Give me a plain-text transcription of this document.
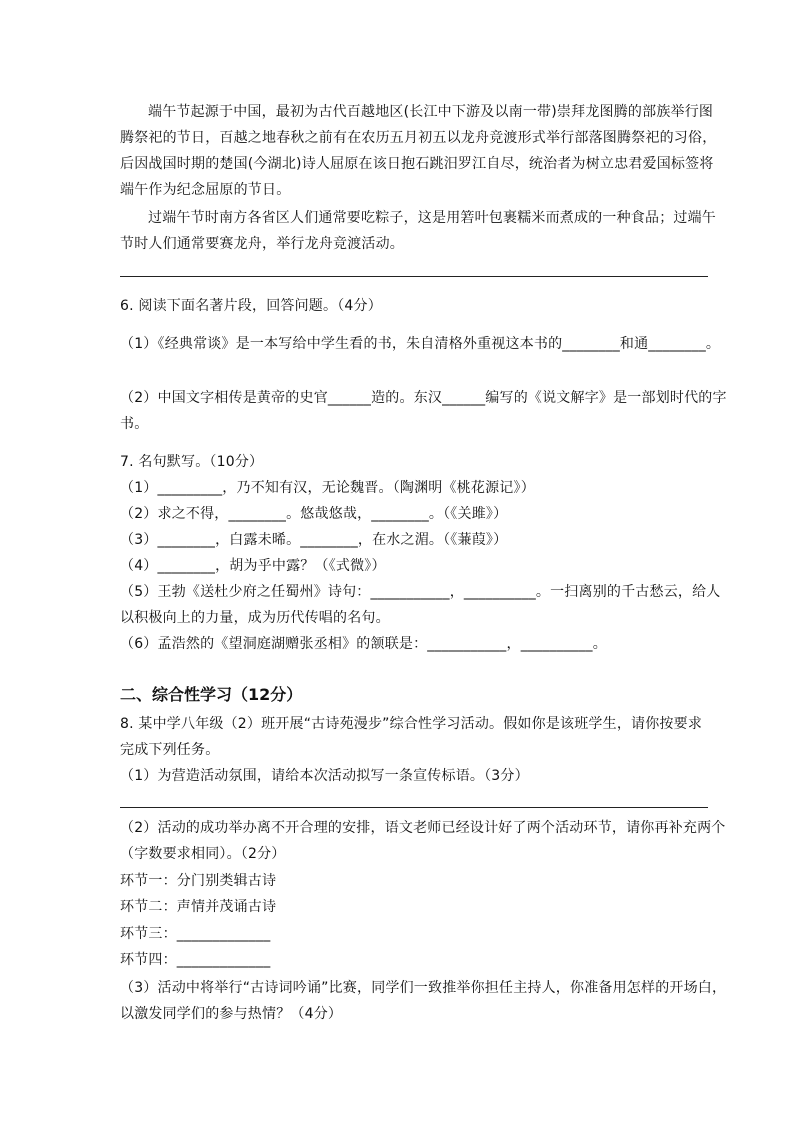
端午节起源于中国，最初为古代百越地区(长江中下游及以南一带)崇拜龙图腾的部族举行图
腾祭祀的节日，百越之地春秋之前有在农历五月初五以龙舟竞渡形式举行部落图腾祭祀的习俗，
后因战国时期的楚国(今湖北)诗人屈原在该日抱石跳汨罗江自尽，统治者为树立忠君爱国标签将
端午作为纪念屈原的节日。
过端午节时南方各省区人们通常要吃粽子，这是用箬叶包裹糯米而煮成的一种食品；过端午
节时人们通常要赛龙舟，举行龙舟竞渡活动。
6. 阅读下面名著片段，回答问题。（4分）
（1）《经典常谈》是一本写给中学生看的书，朱自清格外重视这本书的________和通________。
（2）中国文字相传是黄帝的史官______造的。东汉______编写的《说文解字》是一部划时代的字
书。
7. 名句默写。（10分）
（1）_________，乃不知有汉，无论魏晋。（陶渊明《桃花源记》）
（2）求之不得，________。悠哉悠哉，________。（《关雎》）
（3）________，白露未晞。________，在水之湄。（《蒹葭》）
（4）________，胡为乎中露？（《式微》）
（5）王勃《送杜少府之任蜀州》诗句：___________，__________。一扫离别的千古愁云，给人
以积极向上的力量，成为历代传唱的名句。
（6）孟浩然的《望洞庭湖赠张丞相》的颔联是：___________，__________。
二、综合性学习（12分）
8. 某中学八年级（2）班开展“古诗苑漫步”综合性学习活动。假如你是该班学生，请你按要求
完成下列任务。
（1）为营造活动氛围，请给本次活动拟写一条宣传标语。（3分）
（2）活动的成功举办离不开合理的安排，语文老师已经设计好了两个活动环节，请你再补充两个
（字数要求相同）。（2分）
环节一：分门别类辑古诗
环节二：声情并茂诵古诗
环节三：_____________
环节四：_____________
（3）活动中将举行“古诗词吟诵”比赛，同学们一致推举你担任主持人，你准备用怎样的开场白，
以激发同学们的参与热情？（4分）
